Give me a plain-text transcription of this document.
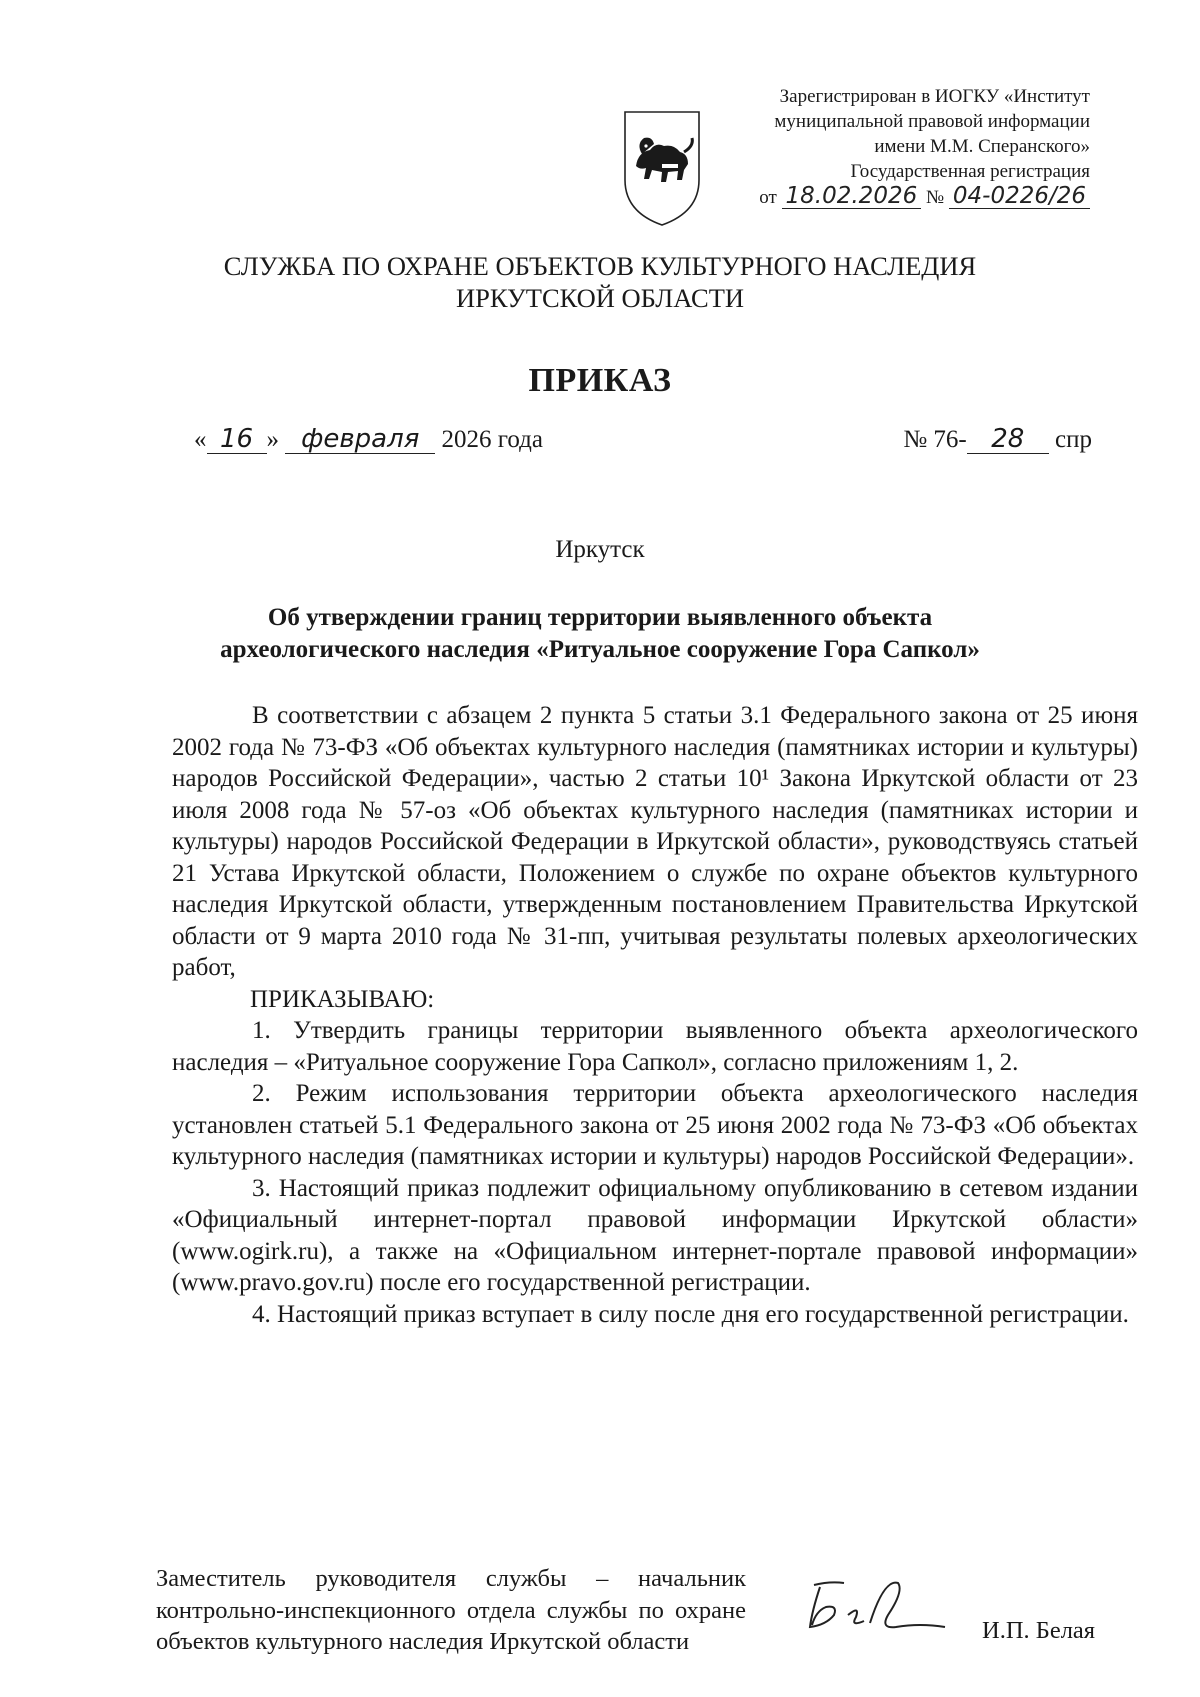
Зарегистрирован в ИОГКУ «Институт
муниципальной правовой информации
имени М.М. Сперанского»
Государственная регистрация
от 18.02.2026 № 04-0226/26
СЛУЖБА ПО ОХРАНЕ ОБЪЕКТОВ КУЛЬТУРНОГО НАСЛЕДИЯ
ИРКУТСКОЙ ОБЛАСТИ
ПРИКАЗ
« 16 » февраля 2026 года	№ 76- 28 спр
Иркутск
Об утверждении границ территории выявленного объекта
археологического наследия «Ритуальное сооружение Гора Сапкол»

В соответствии с абзацем 2 пункта 5 статьи 3.1 Федерального закона от 25 июня 2002 года № 73-ФЗ «Об объектах культурного наследия (памятниках истории и культуры) народов Российской Федерации», частью 2 статьи 10¹ Закона Иркутской области от 23 июля 2008 года № 57-оз «Об объектах культурного наследия (памятниках истории и культуры) народов Российской Федерации в Иркутской области», руководствуясь статьей 21 Устава Иркутской области, Положением о службе по охране объектов культурного наследия Иркутской области, утвержденным постановлением Правительства Иркутской области от 9 марта 2010 года № 31-пп, учитывая результаты полевых археологических работ,

ПРИКАЗЫВАЮ:

1. Утвердить границы территории выявленного объекта археологического наследия – «Ритуальное сооружение Гора Сапкол», согласно приложениям 1, 2.

2. Режим использования территории объекта археологического наследия установлен статьей 5.1 Федерального закона от 25 июня 2002 года № 73-ФЗ «Об объектах культурного наследия (памятниках истории и культуры) народов Российской Федерации».

3. Настоящий приказ подлежит официальному опубликованию в сетевом издании «Официальный интернет-портал правовой информации Иркутской области» (www.ogirk.ru), а также на «Официальном интернет-портале правовой информации» (www.pravo.gov.ru) после его государственной регистрации.

4. Настоящий приказ вступает в силу после дня его государственной регистрации.

Заместитель руководителя службы – начальник контрольно-инспекционного отдела службы по охране объектов культурного наследия Иркутской области	И.П. Белая
